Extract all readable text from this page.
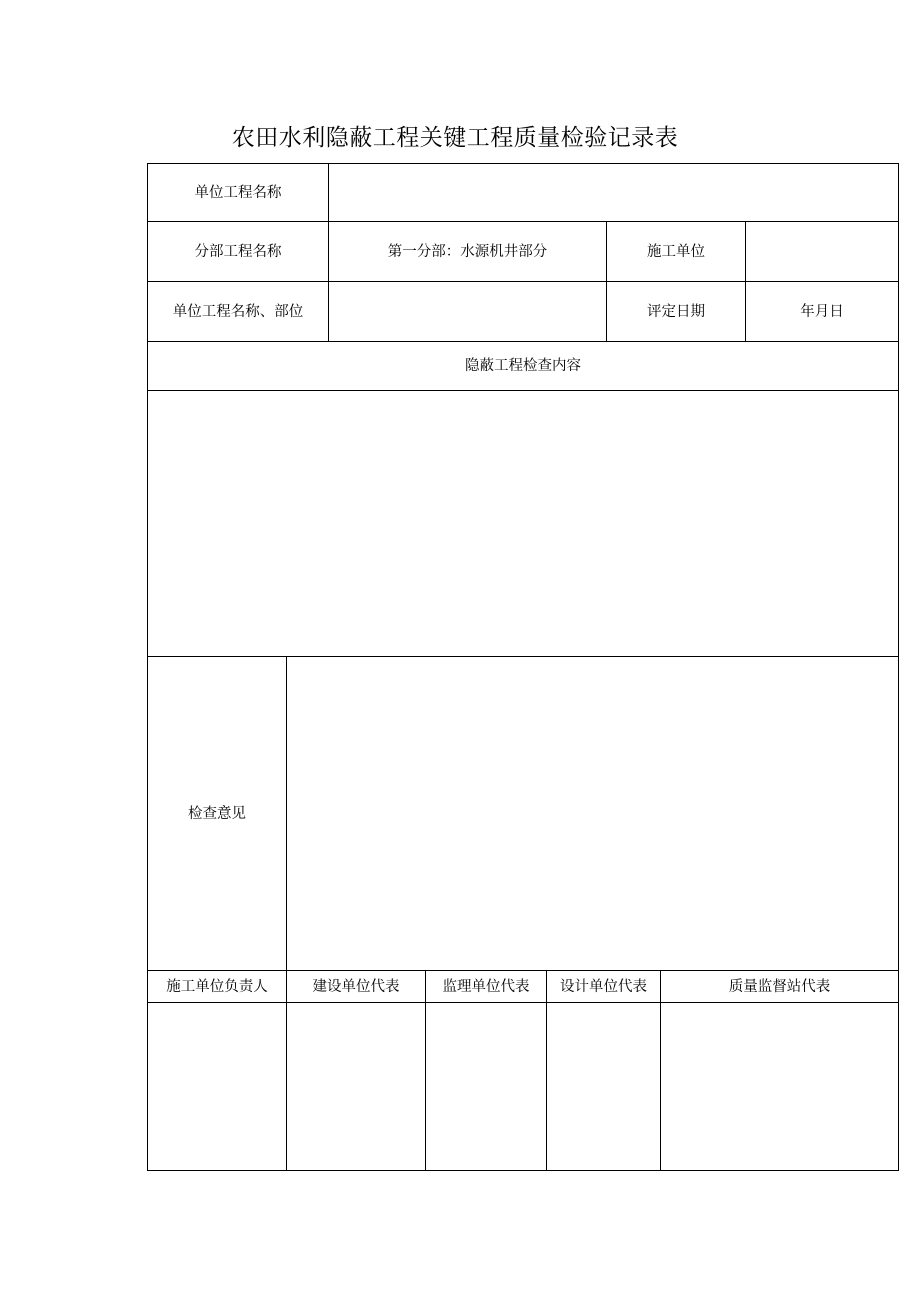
农田水利隐蔽工程关键工程质量检验记录表
单位工程名称							
分部工程名称		第一分部：水源机井部分			施工单位		
单位工程名称、部位					评定日期		年月日
隐蔽工程检查内容							

检查意见							
施工单位负责人	建设单位代表		监理单位代表	设计单位代表		质量监督站代表	
